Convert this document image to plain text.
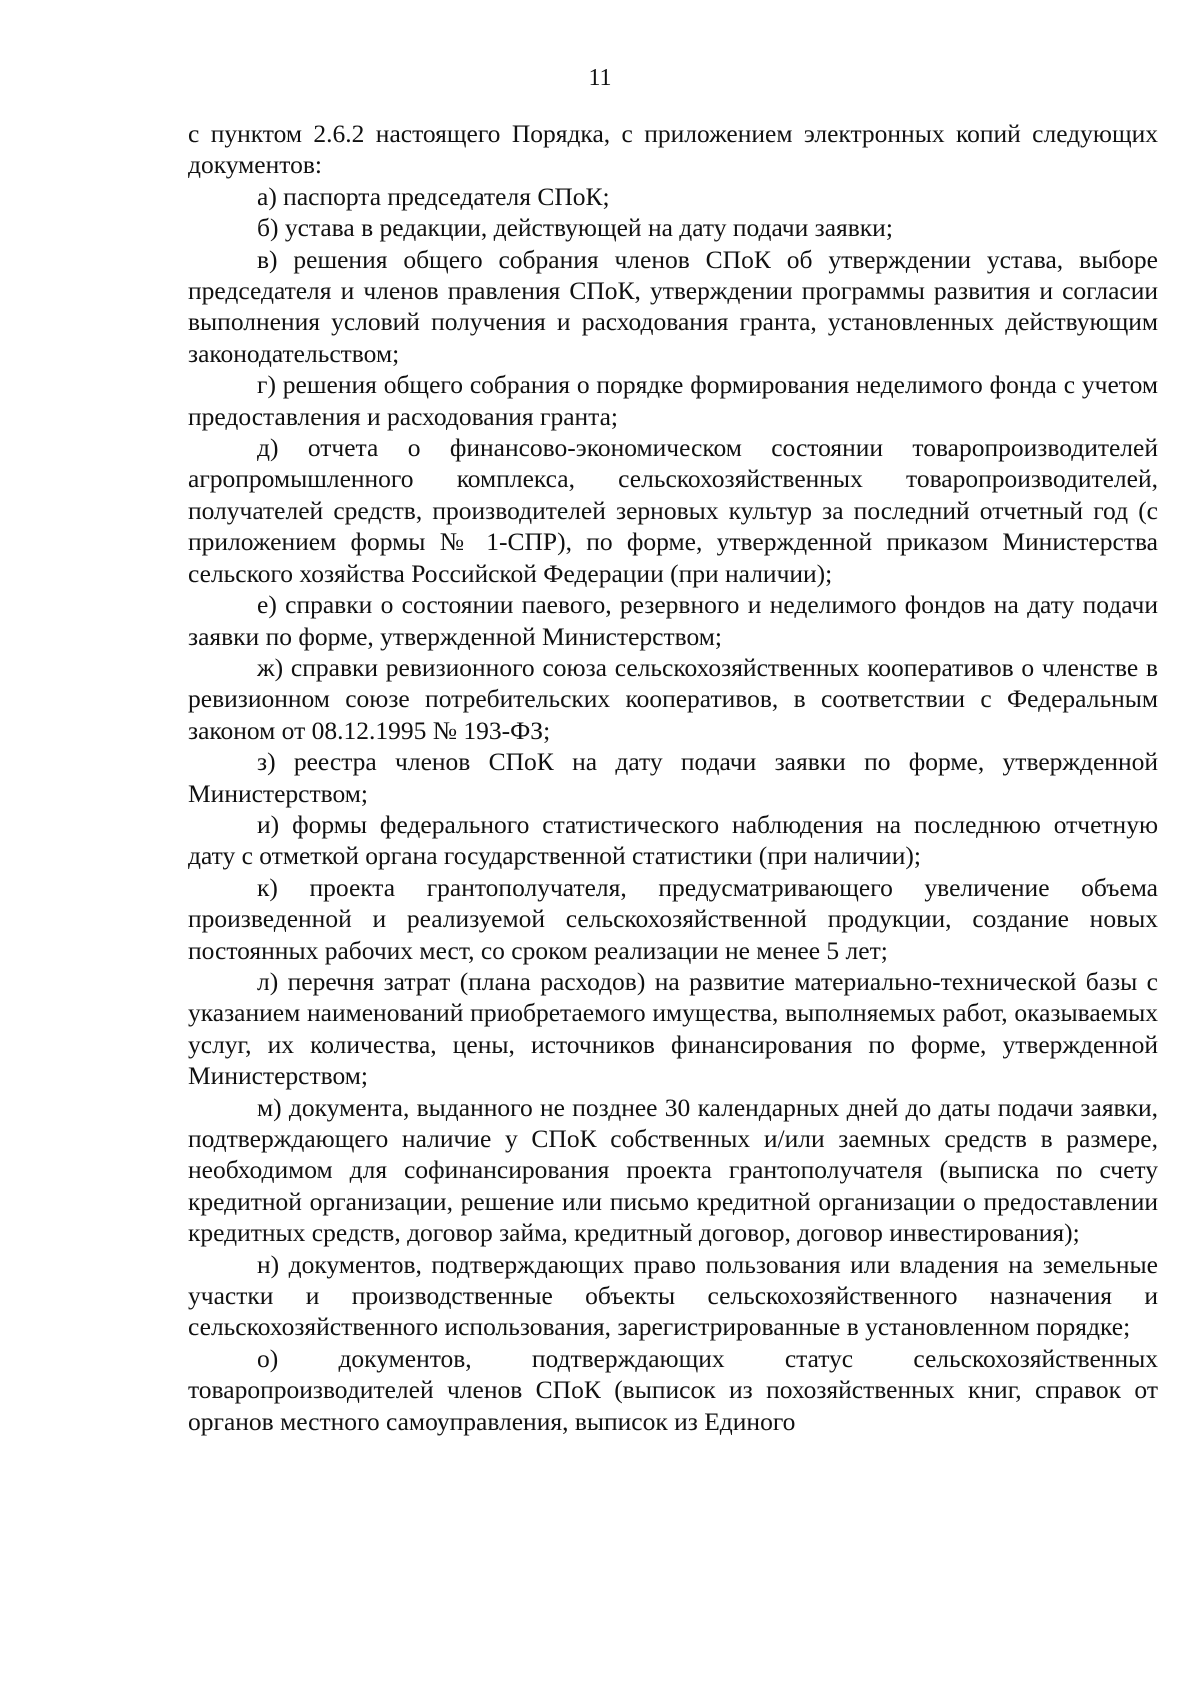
11

с пунктом 2.6.2 настоящего Порядка, с приложением электронных копий следующих документов:

а) паспорта председателя СПоК;

б) устава в редакции, действующей на дату подачи заявки;

в) решения общего собрания членов СПоК об утверждении устава, выборе председателя и членов правления СПоК, утверждении программы развития и согласии выполнения условий получения и расходования гранта, установленных действующим законодательством;

г) решения общего собрания о порядке формирования неделимого фонда с учетом предоставления и расходования гранта;

д) отчета о финансово-экономическом состоянии товаропроизводителей агропромышленного комплекса, сельскохозяйственных товаропроизводителей, получателей средств, производителей зерновых культур за последний отчетный год (с приложением формы № 1-СПР), по форме, утвержденной приказом Министерства сельского хозяйства Российской Федерации (при наличии);

е) справки о состоянии паевого, резервного и неделимого фондов на дату подачи заявки по форме, утвержденной Министерством;

ж) справки ревизионного союза сельскохозяйственных кооперативов о членстве в ревизионном союзе потребительских кооперативов, в соответствии с Федеральным законом от 08.12.1995 № 193-ФЗ;

з) реестра членов СПоК на дату подачи заявки по форме, утвержденной Министерством;

и) формы федерального статистического наблюдения на последнюю отчетную дату с отметкой органа государственной статистики (при наличии);

к) проекта грантополучателя, предусматривающего увеличение объема произведенной и реализуемой сельскохозяйственной продукции, создание новых постоянных рабочих мест, со сроком реализации не менее 5 лет;

л) перечня затрат (плана расходов) на развитие материально-технической базы с указанием наименований приобретаемого имущества, выполняемых работ, оказываемых услуг, их количества, цены, источников финансирования по форме, утвержденной Министерством;

м) документа, выданного не позднее 30 календарных дней до даты подачи заявки, подтверждающего наличие у СПоК собственных и/или заемных средств в размере, необходимом для софинансирования проекта грантополучателя (выписка по счету кредитной организации, решение или письмо кредитной организации о предоставлении кредитных средств, договор займа, кредитный договор, договор инвестирования);

н) документов, подтверждающих право пользования или владения на земельные участки и производственные объекты сельскохозяйственного назначения и сельскохозяйственного использования, зарегистрированные в установленном порядке;

о) документов, подтверждающих статус сельскохозяйственных товаропроизводителей членов СПоК (выписок из похозяйственных книг, справок от органов местного самоуправления, выписок из Единого
